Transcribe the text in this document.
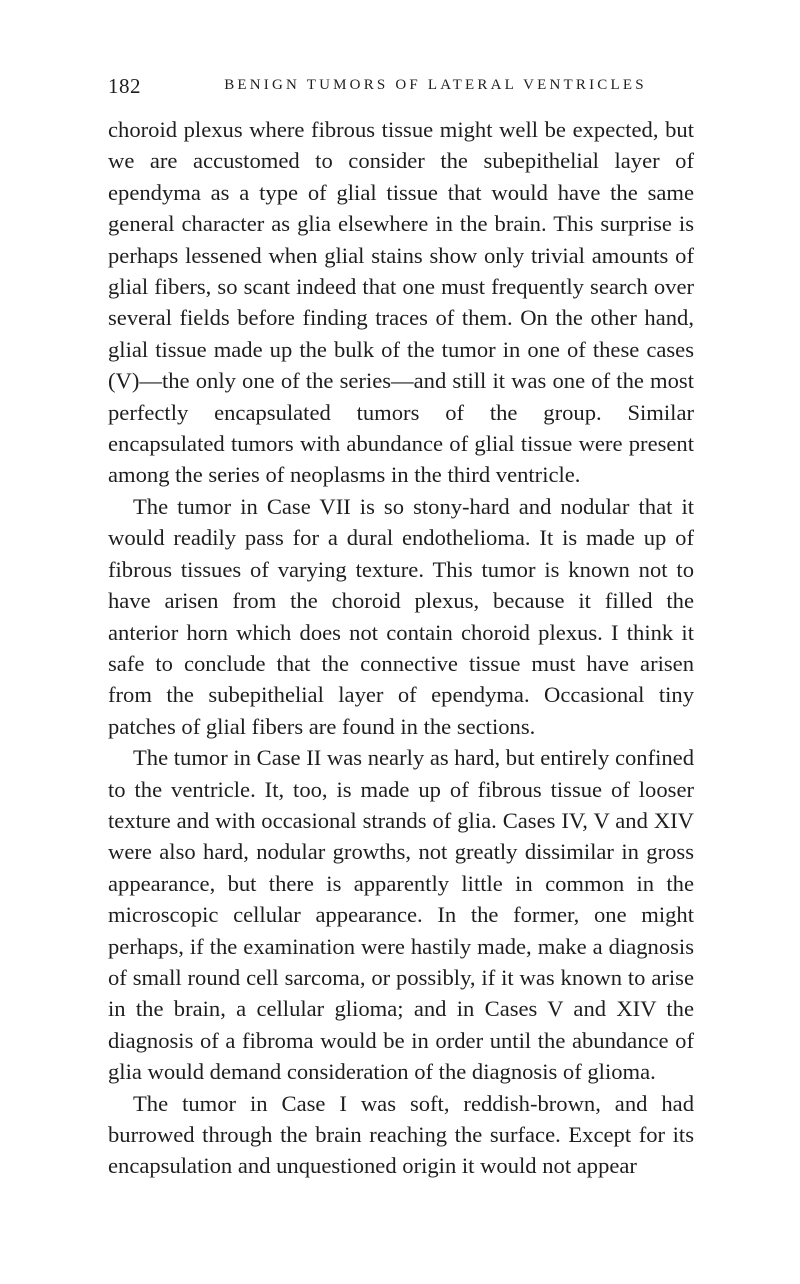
182	BENIGN TUMORS OF LATERAL VENTRICLES

choroid plexus where fibrous tissue might well be expected, but we are accustomed to consider the subepithelial layer of ependyma as a type of glial tissue that would have the same general character as glia elsewhere in the brain. This surprise is perhaps lessened when glial stains show only trivial amounts of glial fibers, so scant indeed that one must frequently search over several fields before finding traces of them. On the other hand, glial tissue made up the bulk of the tumor in one of these cases (V)—the only one of the series—and still it was one of the most perfectly encapsulated tumors of the group. Similar encapsulated tumors with abundance of glial tissue were present among the series of neoplasms in the third ventricle.

The tumor in Case VII is so stony-hard and nodular that it would readily pass for a dural endothelioma. It is made up of fibrous tissues of varying texture. This tumor is known not to have arisen from the choroid plexus, because it filled the anterior horn which does not contain choroid plexus. I think it safe to conclude that the connective tissue must have arisen from the subepithelial layer of ependyma. Occasional tiny patches of glial fibers are found in the sections.

The tumor in Case II was nearly as hard, but entirely confined to the ventricle. It, too, is made up of fibrous tissue of looser texture and with occasional strands of glia. Cases IV, V and XIV were also hard, nodular growths, not greatly dissimilar in gross appearance, but there is apparently little in common in the microscopic cellular appearance. In the former, one might perhaps, if the examination were hastily made, make a diagnosis of small round cell sarcoma, or possibly, if it was known to arise in the brain, a cellular glioma; and in Cases V and XIV the diagnosis of a fibroma would be in order until the abundance of glia would demand consideration of the diagnosis of glioma.

The tumor in Case I was soft, reddish-brown, and had burrowed through the brain reaching the surface. Except for its encapsulation and unquestioned origin it would not appear
